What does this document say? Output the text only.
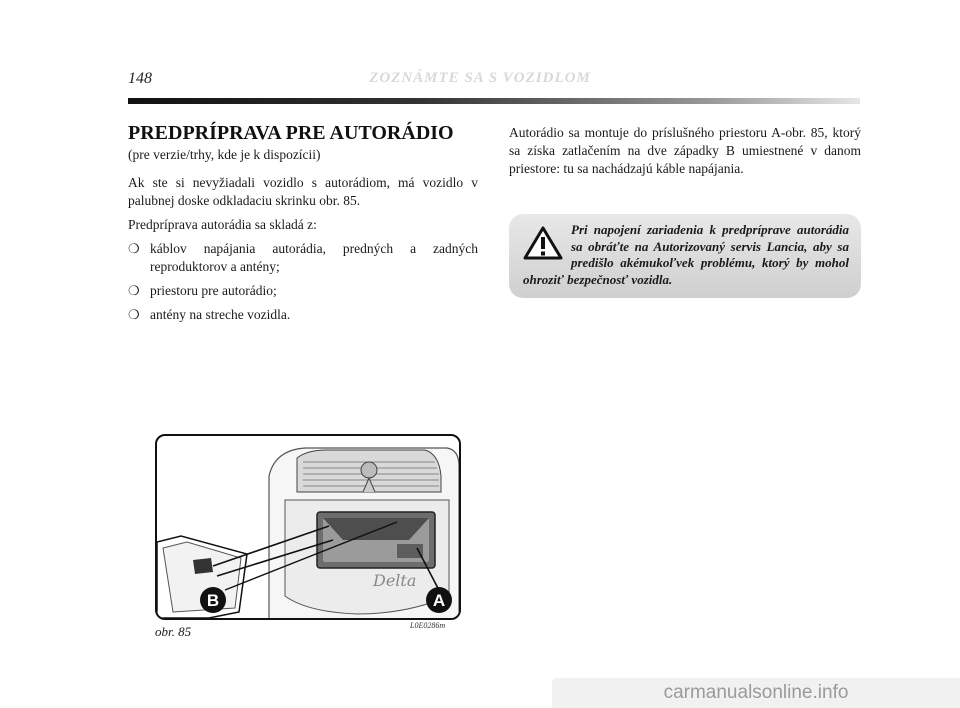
148	ZOZNÁMTE SA S VOZIDLOM
PREDPRÍPRAVA PRE AUTORÁDIO
(pre verzie/trhy, kde je k dispozícii)

Ak ste si nevyžiadali vozidlo s autorádiom, má vozidlo v palubnej doske odkladaciu skrinku obr. 85.

Predpríprava autorádia sa skladá z:

❍ káblov napájania autorádia, predných a zadných reproduktorov a antény;
❍ priestoru pre autorádio;
❍ antény na streche vozidla.

Autorádio sa montuje do príslušného priestoru A-obr. 85, ktorý sa získa zatlačením na dve západky B umiestnené v danom priestore: tu sa nachádzajú káble napájania.

Pri napojení zariadenia k predpríprave autorádia sa obráťte na Autorizovaný servis Lancia, aby sa predišlo akémukoľvek problému, ktorý by mohol ohroziť bezpečnosť vozidla.
Delta
B	A
obr. 85	L0E0286m
carmanualsonline.info
